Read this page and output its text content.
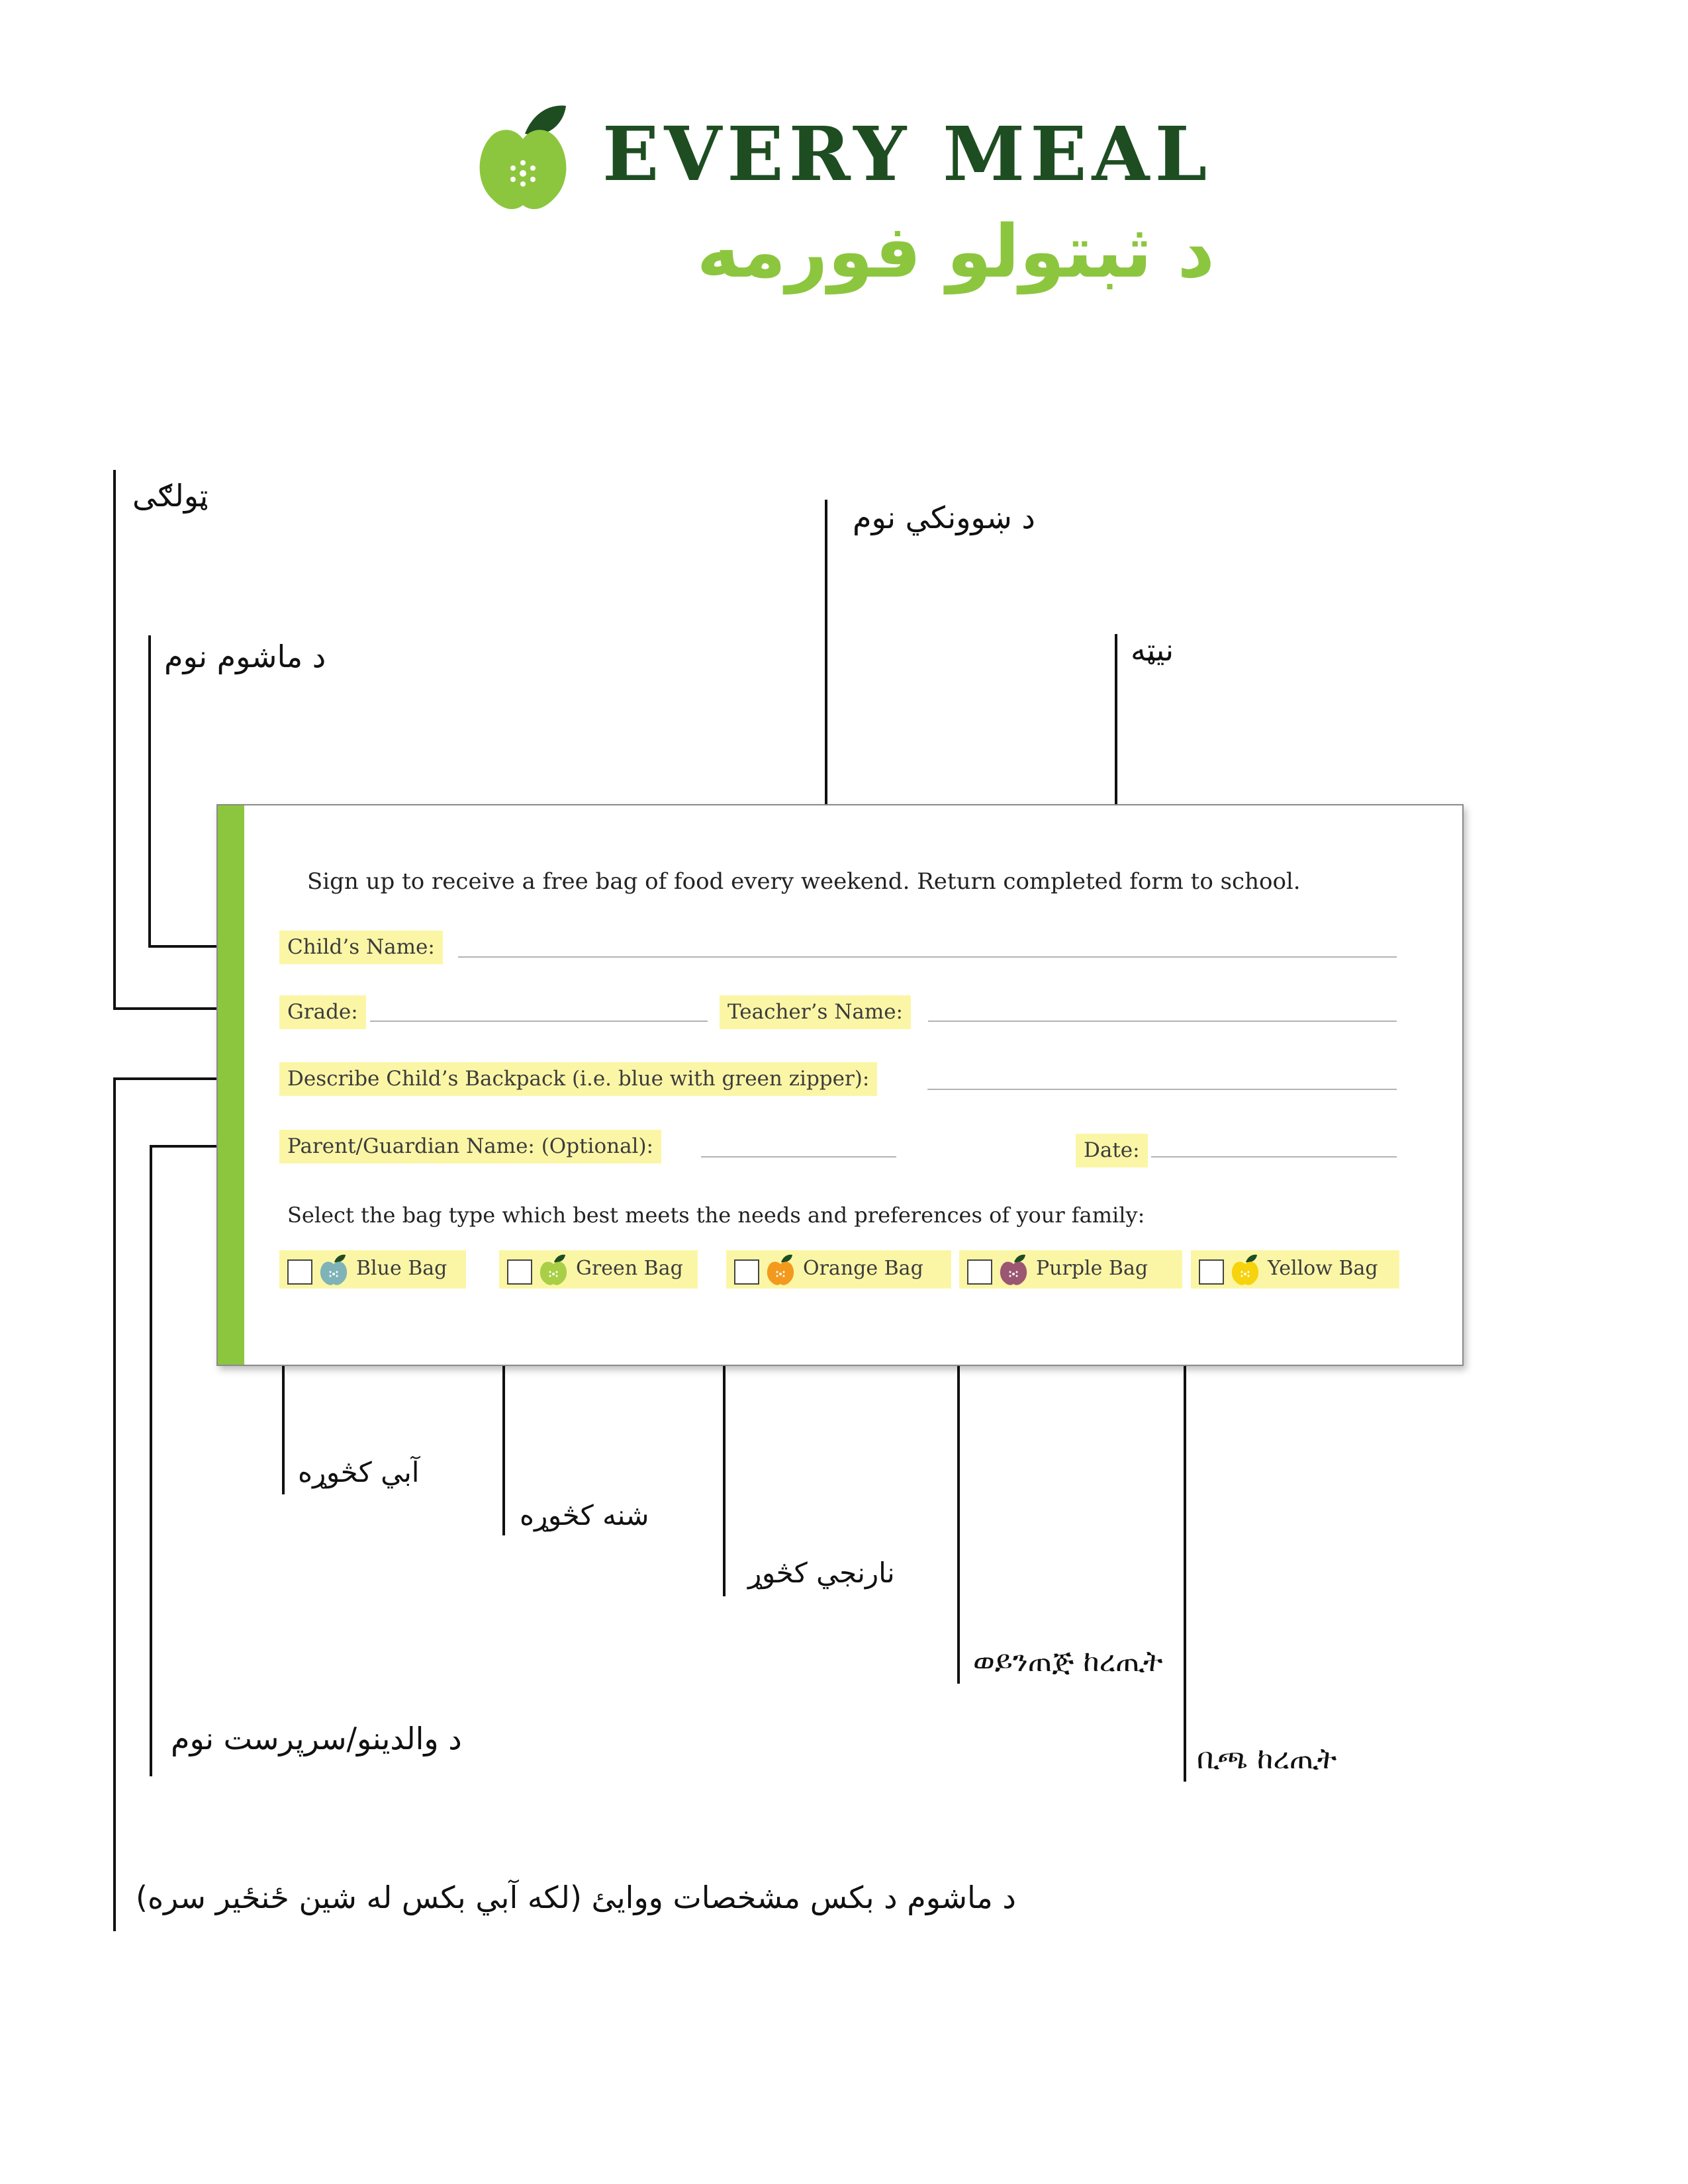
EVERY MEAL
د ثبتولو فورمه
ټولګی
د ښوونکي نوم
د ماشوم نوم	نیټه
آبي کڅوړه
شنه کڅوړه
نارنجي کڅوړ
ወይንጠጅ ከረጢት
د والدینو/سرپرست نوم
ቢጫ ከረጢት
د ماشوم د بکس مشخصات ووایئ (لکه آبي بکس له شین ځنځیر سره)
Sign up to receive a free bag of food every weekend. Return completed form to school.
Child’s Name:
Grade:	Teacher’s Name:
Describe Child’s Backpack (i.e. blue with green zipper):
Parent/Guardian Name: (Optional):	Date:
Select the bag type which best meets the needs and preferences of your family:
Blue Bag	Green Bag	Orange Bag	Purple Bag	Yellow Bag
